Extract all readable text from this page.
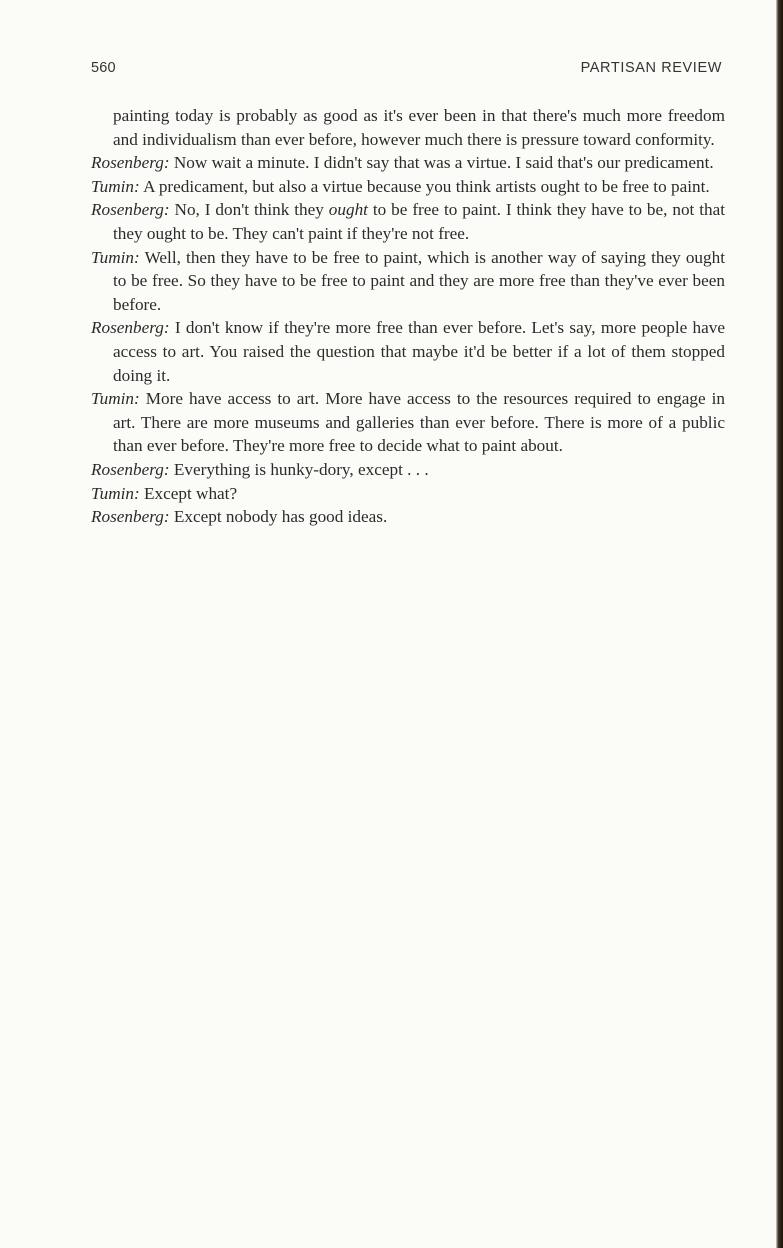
560	PARTISAN REVIEW

painting today is probably as good as it's ever been in that there's much more freedom and individualism than ever before, however much there is pressure toward conformity.

Rosenberg: Now wait a minute. I didn't say that was a virtue. I said that's our predicament.

Tumin: A predicament, but also a virtue because you think artists ought to be free to paint.

Rosenberg: No, I don't think they ought to be free to paint. I think they have to be, not that they ought to be. They can't paint if they're not free.

Tumin: Well, then they have to be free to paint, which is another way of saying they ought to be free. So they have to be free to paint and they are more free than they've ever been before.

Rosenberg: I don't know if they're more free than ever before. Let's say, more people have access to art. You raised the question that maybe it'd be better if a lot of them stopped doing it.

Tumin: More have access to art. More have access to the resources required to engage in art. There are more museums and galleries than ever before. There is more of a public than ever before. They're more free to decide what to paint about.

Rosenberg: Everything is hunky-dory, except . . .

Tumin: Except what?

Rosenberg: Except nobody has good ideas.
